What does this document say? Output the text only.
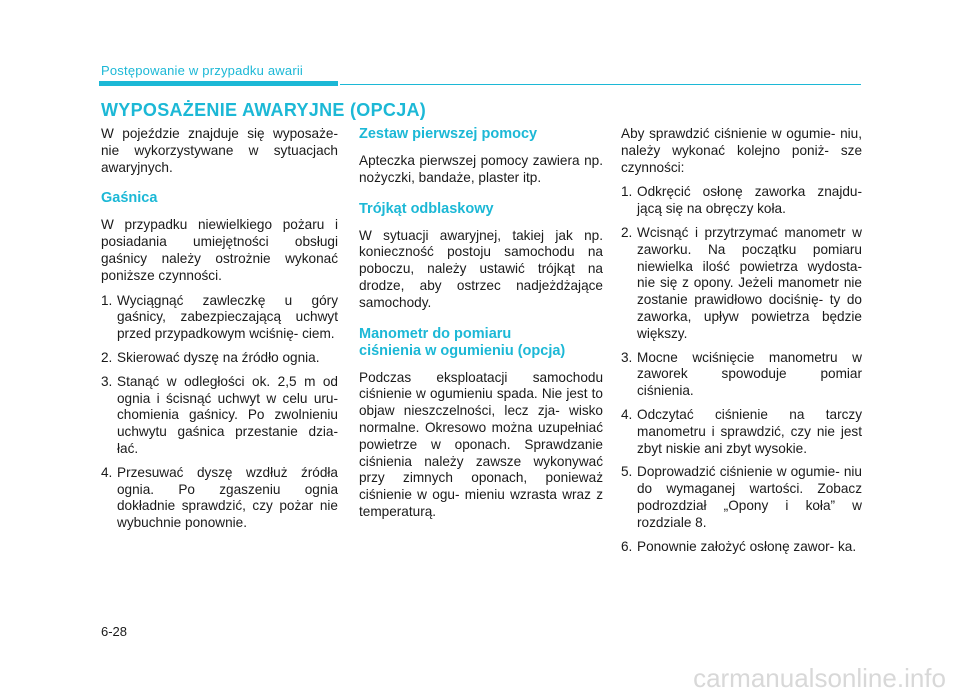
Postępowanie w przypadku awarii
WYPOSAŻENIE AWARYJNE (OPCJA)

W pojeździe znajduje się wyposaże- nie wykorzystywane w sytuacjach awaryjnych.

Gaśnica

W przypadku niewielkiego pożaru i posiadania umiejętności obsługi gaśnicy należy ostrożnie wykonać poniższe czynności.

1. Wyciągnąć zawleczkę u góry gaśnicy, zabezpieczającą uchwyt przed przypadkowym wciśnię- ciem.
2. Skierować dyszę na źródło ognia.
3. Stanąć w odległości ok. 2,5 m od ognia i ścisnąć uchwyt w celu uru- chomienia gaśnicy. Po zwolnieniu uchwytu gaśnica przestanie dzia- łać.
4. Przesuwać dyszę wzdłuż źródła ognia. Po zgaszeniu ognia dokładnie sprawdzić, czy pożar nie wybuchnie ponownie.
Zestaw pierwszej pomocy

Apteczka pierwszej pomocy zawiera np. nożyczki, bandaże, plaster itp.

Trójkąt odblaskowy

W sytuacji awaryjnej, takiej jak np. konieczność postoju samochodu na poboczu, należy ustawić trójkąt na drodze, aby ostrzec nadjeżdżające samochody.

Manometr do pomiaru
ciśnienia w ogumieniu (opcja)

Podczas eksploatacji samochodu ciśnienie w ogumieniu spada. Nie jest to objaw nieszczelności, lecz zja- wisko normalne. Okresowo można uzupełniać powietrze w oponach. Sprawdzanie ciśnienia należy zawsze wykonywać przy zimnych oponach, ponieważ ciśnienie w ogu- mieniu wzrasta wraz z temperaturą.

Aby sprawdzić ciśnienie w ogumie- niu, należy wykonać kolejno poniż- sze czynności:

1. Odkręcić osłonę zaworka znajdu- jącą się na obręczy koła.
2. Wcisnąć i przytrzymać manometr w zaworku. Na początku pomiaru niewielka ilość powietrza wydosta- nie się z opony. Jeżeli manometr nie zostanie prawidłowo dociśnię- ty do zaworka, upływ powietrza będzie większy.
3. Mocne wciśnięcie manometru w zaworek spowoduje pomiar ciśnienia.
4. Odczytać ciśnienie na tarczy manometru i sprawdzić, czy nie jest zbyt niskie ani zbyt wysokie.
5. Doprowadzić ciśnienie w ogumie- niu do wymaganej wartości. Zobacz podrozdział „Opony i koła” w rozdziale 8.
6. Ponownie założyć osłonę zawor- ka.
6-28
carmanualsonline.info
